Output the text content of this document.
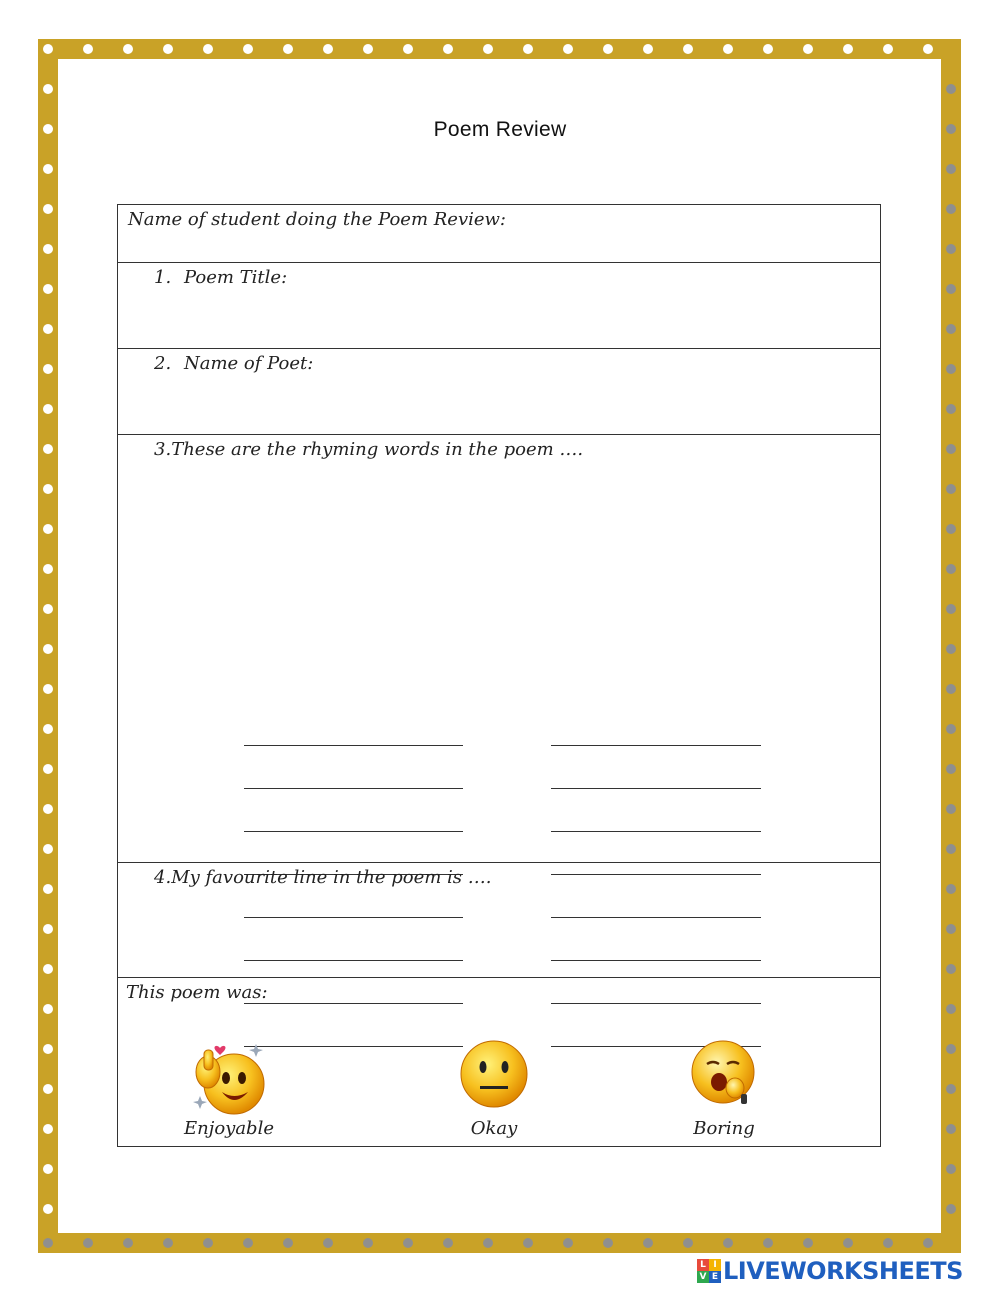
Poem Review
Name of student doing the Poem Review:

1. Poem Title:

2. Name of Poet:

3.These are the rhyming words in the poem ….

4.My favourite line in the poem is ….

This poem was:
Enjoyable	Okay	Boring
L I
V E LIVEWORKSHEETS
